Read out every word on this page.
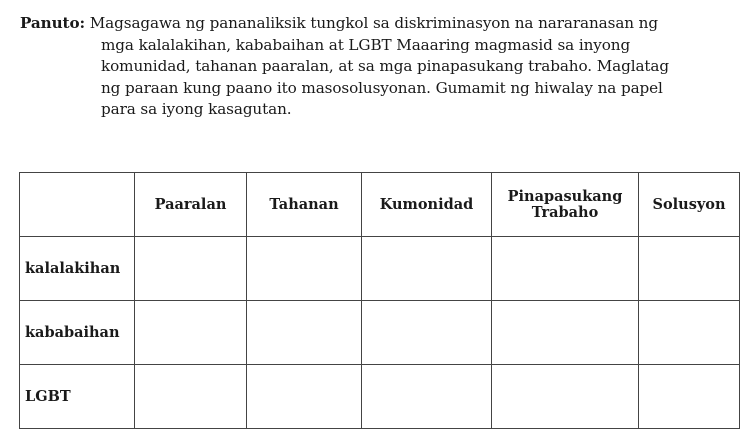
Panuto: Magsagawa ng pananaliksik tungkol sa diskriminasyon na nararanasan ng
mga kalalakihan, kababaihan at LGBT Maaaring magmasid sa inyong
komunidad, tahanan paaralan, at sa mga pinapasukang trabaho. Maglatag
ng paraan kung paano ito masosolusyonan. Gumamit ng hiwalay na papel
para sa iyong kasagutan.
	Paaralan	Tahanan	Kumonidad	Pinapasukang Trabaho	Solusyon
kalalakihan					
kababaihan					
LGBT					
